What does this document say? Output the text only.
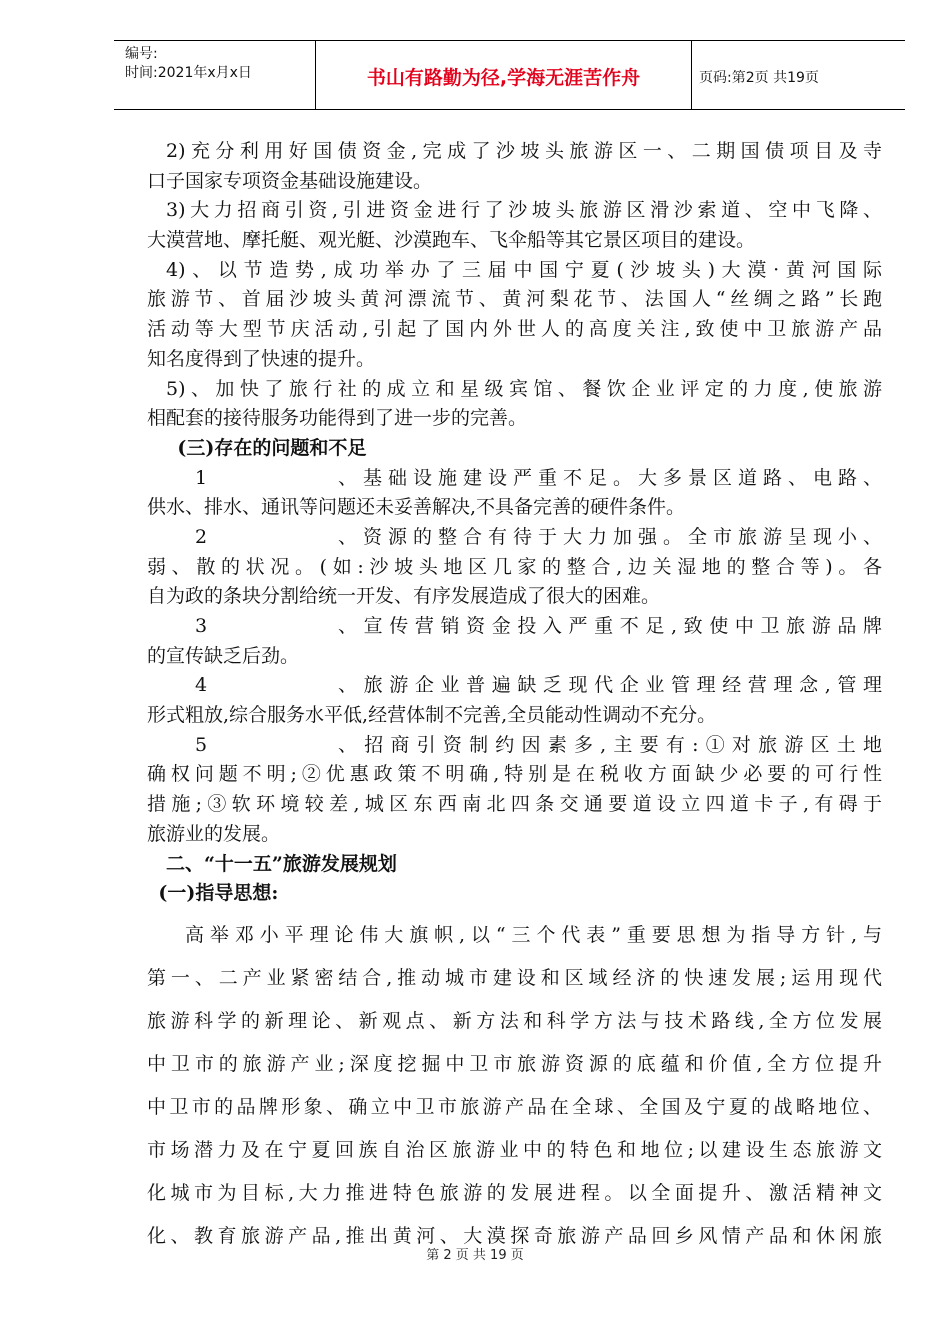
编号:
时间:2021年x月x日	书山有路勤为径,学海无涯苦作舟	页码:第2页 共19页
2)充分利用好国债资金,完成了沙坡头旅游区一、二期国债项目及寺
口子国家专项资金基础设施建设。
3)大力招商引资,引进资金进行了沙坡头旅游区滑沙索道、空中飞降、
大漠营地、摩托艇、观光艇、沙漠跑车、飞伞船等其它景区项目的建设。
4)、以节造势,成功举办了三届中国宁夏(沙坡头)大漠·黄河国际
旅游节、首届沙坡头黄河漂流节、黄河梨花节、法国人“丝绸之路”长跑
活动等大型节庆活动,引起了国内外世人的高度关注,致使中卫旅游产品
知名度得到了快速的提升。
5)、加快了旅行社的成立和星级宾馆、餐饮企业评定的力度,使旅游
相配套的接待服务功能得到了进一步的完善。
(三)存在的问题和不足
1、基础设施建设严重不足。大多景区道路、电路、
供水、排水、通讯等问题还未妥善解决,不具备完善的硬件条件。
2、资源的整合有待于大力加强。全市旅游呈现小、
弱、散的状况。(如:沙坡头地区几家的整合,边关湿地的整合等)。各
自为政的条块分割给统一开发、有序发展造成了很大的困难。
3、宣传营销资金投入严重不足,致使中卫旅游品牌
的宣传缺乏后劲。
4、旅游企业普遍缺乏现代企业管理经营理念,管理
形式粗放,综合服务水平低,经营体制不完善,全员能动性调动不充分。
5、招商引资制约因素多,主要有:①对旅游区土地
确权问题不明;②优惠政策不明确,特别是在税收方面缺少必要的可行性
措施;③软环境较差,城区东西南北四条交通要道设立四道卡子,有碍于
旅游业的发展。
二、“十一五”旅游发展规划
(一)指导思想:
高举邓小平理论伟大旗帜,以“三个代表”重要思想为指导方针,与
第一、二产业紧密结合,推动城市建设和区域经济的快速发展;运用现代
旅游科学的新理论、新观点、新方法和科学方法与技术路线,全方位发展
中卫市的旅游产业;深度挖掘中卫市旅游资源的底蕴和价值,全方位提升
中卫市的品牌形象、确立中卫市旅游产品在全球、全国及宁夏的战略地位、
市场潜力及在宁夏回族自治区旅游业中的特色和地位;以建设生态旅游文
化城市为目标,大力推进特色旅游的发展进程。以全面提升、激活精神文
化、教育旅游产品,推出黄河、大漠探奇旅游产品回乡风情产品和休闲旅
第 2 页 共 19 页
